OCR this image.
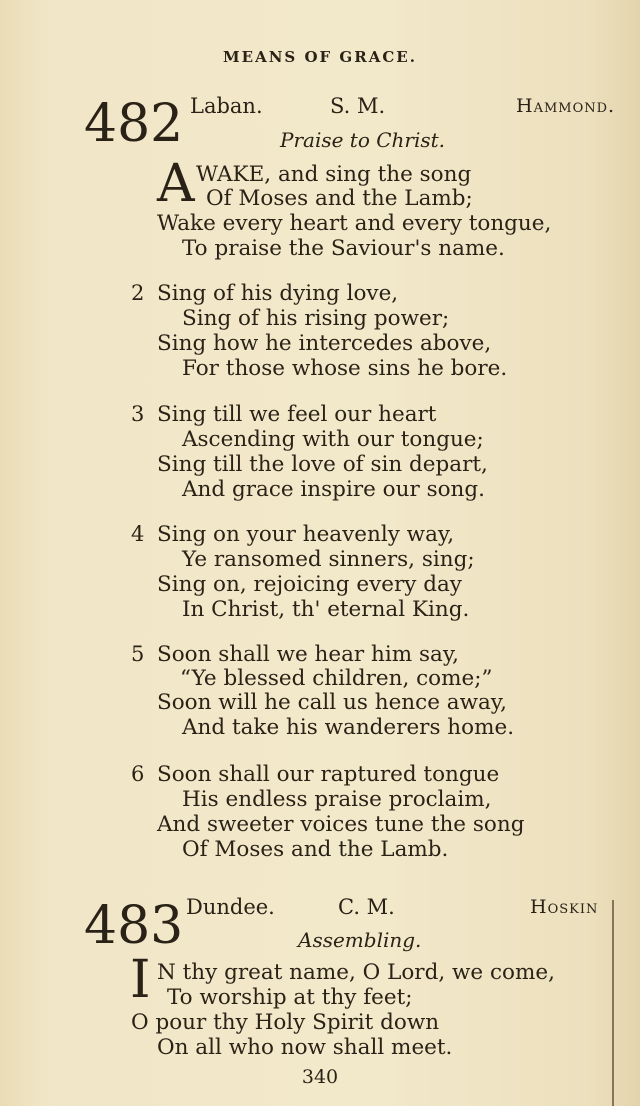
MEANS OF GRACE.
482 Laban.	S. M.	Hammond.
Praise to Christ.
A WAKE, and sing the song
Of Moses and the Lamb;
Wake every heart and every tongue,
To praise the Saviour's name.
2 Sing of his dying love,
Sing of his rising power;
Sing how he intercedes above,
For those whose sins he bore.
3 Sing till we feel our heart
Ascending with our tongue;
Sing till the love of sin depart,
And grace inspire our song.
4 Sing on your heavenly way,
Ye ransomed sinners, sing;
Sing on, rejoicing every day
In Christ, th' eternal King.
5 Soon shall we hear him say,
“Ye blessed children, come;”
Soon will he call us hence away,
And take his wanderers home.
6 Soon shall our raptured tongue
His endless praise proclaim,
And sweeter voices tune the song
Of Moses and the Lamb.
483 Dundee.	C. M.	Hoskin
Assembling.
I N thy great name, O Lord, we come,
To worship at thy feet;
O pour thy Holy Spirit down
On all who now shall meet.
340
